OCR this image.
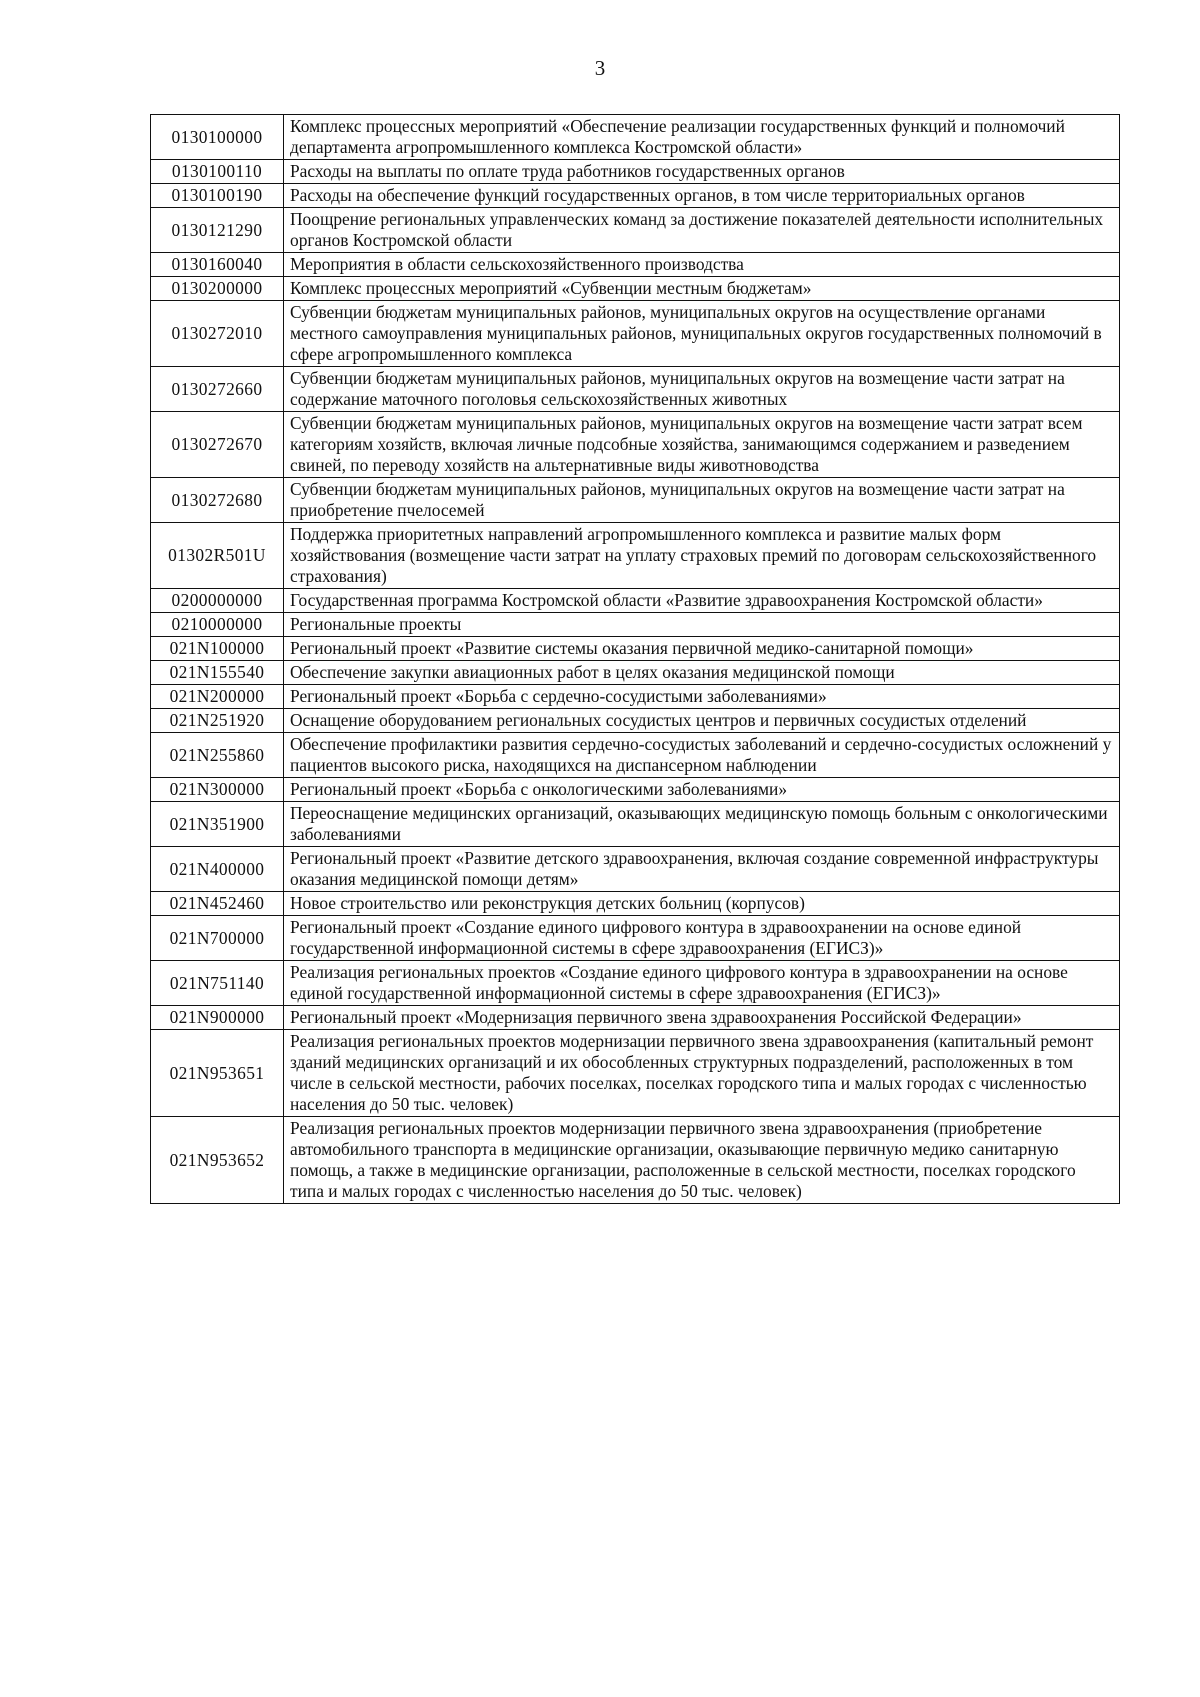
3
0130100000	Комплекс процессных мероприятий «Обеспечение реализации государственных функций и полномочий департамента агропромышленного комплекса Костромской области»
0130100110	Расходы на выплаты по оплате труда работников государственных органов
0130100190	Расходы на обеспечение функций государственных органов, в том числе территориальных органов
0130121290	Поощрение региональных управленческих команд за достижение показателей деятельности исполнительных органов Костромской области
0130160040	Мероприятия в области сельскохозяйственного производства
0130200000	Комплекс процессных мероприятий «Субвенции местным бюджетам»
0130272010	Субвенции бюджетам муниципальных районов, муниципальных округов на осуществление органами местного самоуправления муниципальных районов, муниципальных округов государственных полномочий в сфере агропромышленного комплекса
0130272660	Субвенции бюджетам муниципальных районов, муниципальных округов на возмещение части затрат на содержание маточного поголовья сельскохозяйственных животных
0130272670	Субвенции бюджетам муниципальных районов, муниципальных округов на возмещение части затрат всем категориям хозяйств, включая личные подсобные хозяйства, занимающимся содержанием и разведением свиней, по переводу хозяйств на альтернативные виды животноводства
0130272680	Субвенции бюджетам муниципальных районов, муниципальных округов на возмещение части затрат на приобретение пчелосемей
01302R501U	Поддержка приоритетных направлений агропромышленного комплекса и развитие малых форм хозяйствования (возмещение части затрат на уплату страховых премий по договорам сельскохозяйственного страхования)
0200000000	Государственная программа Костромской области «Развитие здравоохранения Костромской области»
0210000000	Региональные проекты
021N100000	Региональный проект «Развитие системы оказания первичной медико-санитарной помощи»
021N155540	Обеспечение закупки авиационных работ в целях оказания медицинской помощи
021N200000	Региональный проект «Борьба с сердечно-сосудистыми заболеваниями»
021N251920	Оснащение оборудованием региональных сосудистых центров и первичных сосудистых отделений
021N255860	Обеспечение профилактики развития сердечно-сосудистых заболеваний и сердечно-сосудистых осложнений у пациентов высокого риска, находящихся на диспансерном наблюдении
021N300000	Региональный проект «Борьба с онкологическими заболеваниями»
021N351900	Переоснащение медицинских организаций, оказывающих медицинскую помощь больным с онкологическими заболеваниями
021N400000	Региональный проект «Развитие детского здравоохранения, включая создание современной инфраструктуры оказания медицинской помощи детям»
021N452460	Новое строительство или реконструкция детских больниц (корпусов)
021N700000	Региональный проект «Создание единого цифрового контура в здравоохранении на основе единой государственной информационной системы в сфере здравоохранения (ЕГИСЗ)»
021N751140	Реализация региональных проектов «Создание единого цифрового контура в здравоохранении на основе единой государственной информационной системы в сфере здравоохранения (ЕГИСЗ)»
021N900000	Региональный проект «Модернизация первичного звена здравоохранения Российской Федерации»
021N953651	Реализация региональных проектов модернизации первичного звена здравоохранения (капитальный ремонт зданий медицинских организаций и их обособленных структурных подразделений, расположенных в том числе в сельской местности, рабочих поселках, поселках городского типа и малых городах с численностью населения до 50 тыс. человек)
021N953652	Реализация региональных проектов модернизации первичного звена здравоохранения (приобретение автомобильного транспорта в медицинские организации, оказывающие первичную медико санитарную помощь, а также в медицинские организации, расположенные в сельской местности, поселках городского типа и малых городах с численностью населения до 50 тыс. человек)
